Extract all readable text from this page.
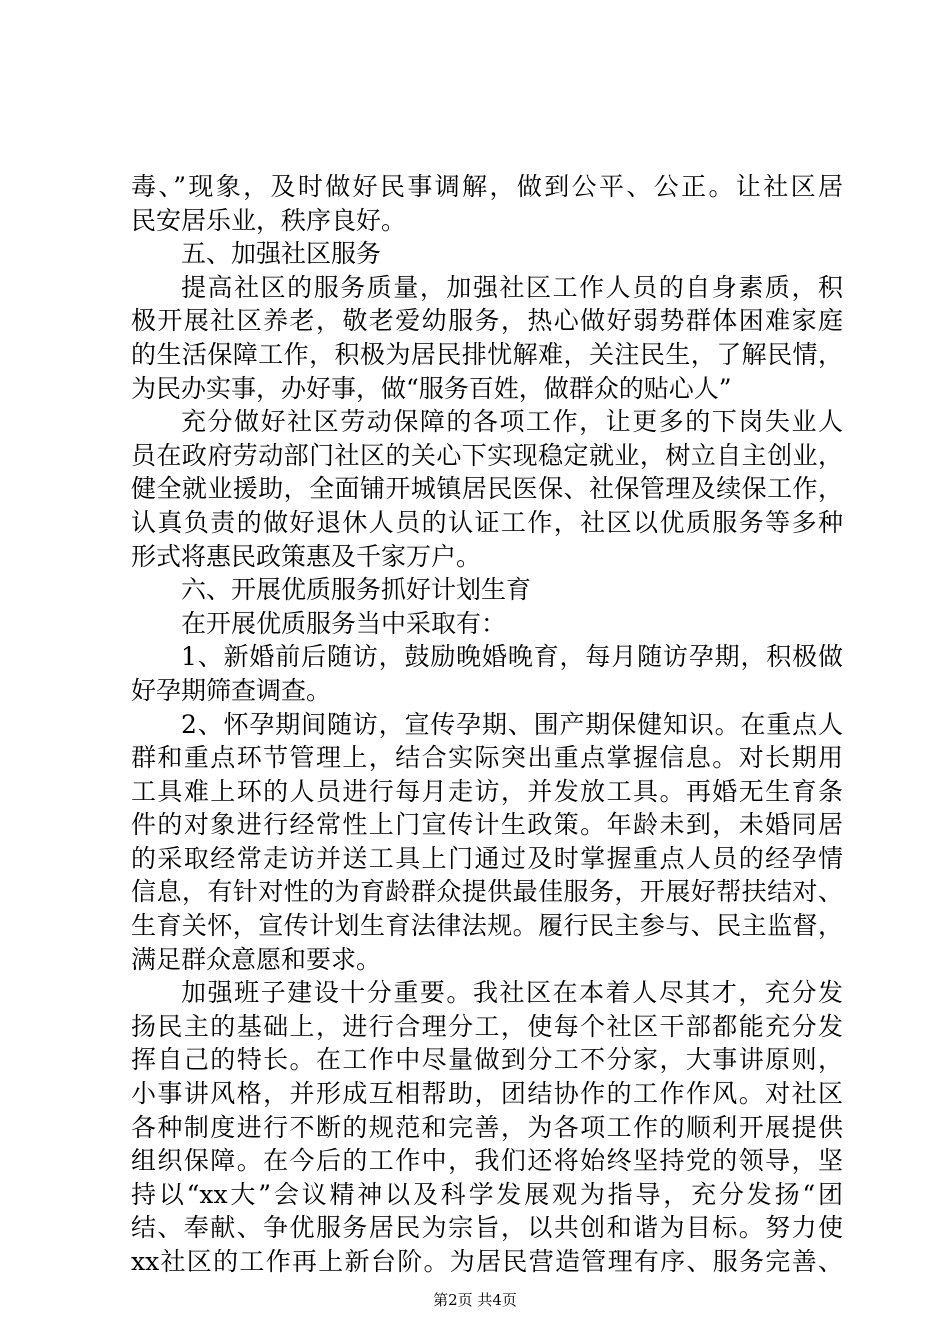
毒、”现象，及时做好民事调解，做到公平、公正。让社区居
民安居乐业，秩序良好。
五、加强社区服务
提高社区的服务质量，加强社区工作人员的自身素质，积
极开展社区养老，敬老爱幼服务，热心做好弱势群体困难家庭
的生活保障工作，积极为居民排忧解难，关注民生，了解民情，
为民办实事，办好事，做“服务百姓，做群众的贴心人”
充分做好社区劳动保障的各项工作，让更多的下岗失业人
员在政府劳动部门社区的关心下实现稳定就业，树立自主创业，
健全就业援助，全面铺开城镇居民医保、社保管理及续保工作，
认真负责的做好退休人员的认证工作，社区以优质服务等多种
形式将惠民政策惠及千家万户。
六、开展优质服务抓好计划生育
在开展优质服务当中采取有：
1、新婚前后随访，鼓励晚婚晚育，每月随访孕期，积极做
好孕期筛查调查。
2、怀孕期间随访，宣传孕期、围产期保健知识。在重点人
群和重点环节管理上，结合实际突出重点掌握信息。对长期用
工具难上环的人员进行每月走访，并发放工具。再婚无生育条
件的对象进行经常性上门宣传计生政策。年龄未到，未婚同居
的采取经常走访并送工具上门通过及时掌握重点人员的经孕情
信息，有针对性的为育龄群众提供最佳服务，开展好帮扶结对、
生育关怀，宣传计划生育法律法规。履行民主参与、民主监督，
满足群众意愿和要求。
加强班子建设十分重要。我社区在本着人尽其才，充分发
扬民主的基础上，进行合理分工，使每个社区干部都能充分发
挥自己的特长。在工作中尽量做到分工不分家，大事讲原则，
小事讲风格，并形成互相帮助，团结协作的工作作风。对社区
各种制度进行不断的规范和完善，为各项工作的顺利开展提供
组织保障。在今后的工作中，我们还将始终坚持党的领导，坚
持以“xx大”会议精神以及科学发展观为指导，充分发扬“团
结、奉献、争优服务居民为宗旨，以共创和谐为目标。努力使
xx社区的工作再上新台阶。为居民营造管理有序、服务完善、
第2页 共4页
